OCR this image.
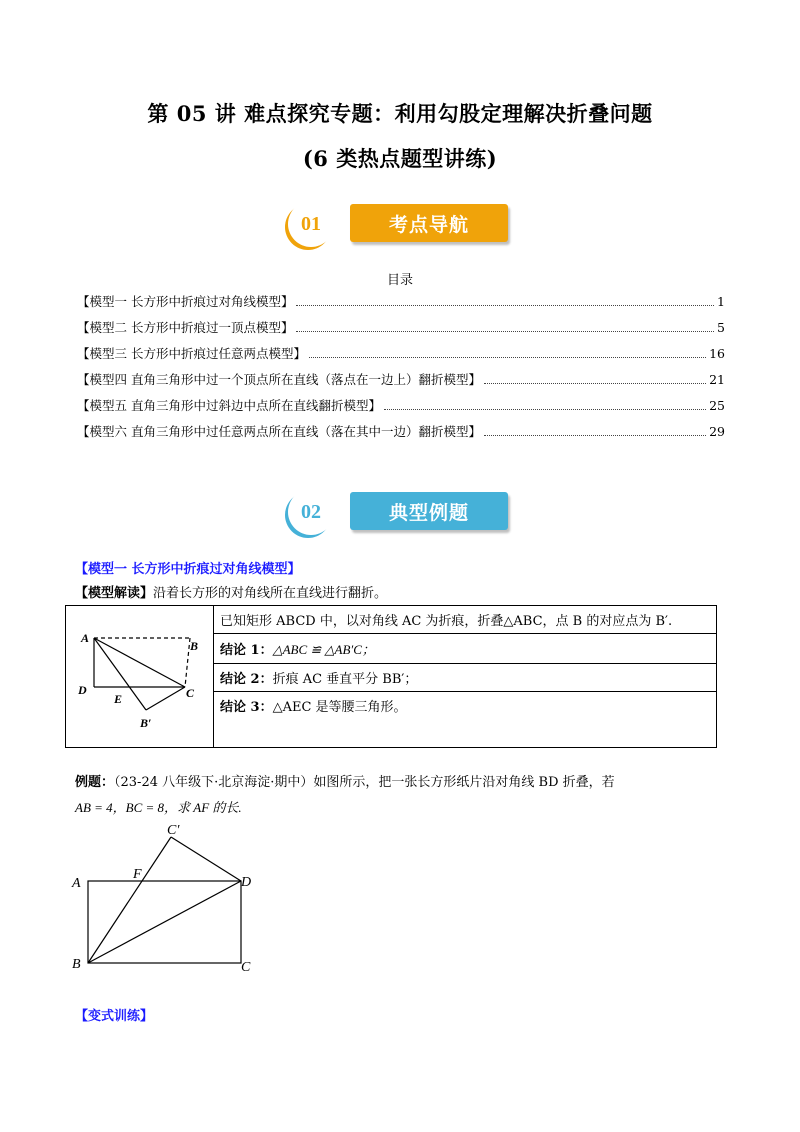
第 05 讲 难点探究专题：利用勾股定理解决折叠问题
(6 类热点题型讲练)
01	考点导航
目录
【模型一 长方形中折痕过对角线模型】	1
【模型二 长方形中折痕过一顶点模型】	5
【模型三 长方形中折痕过任意两点模型】	16
【模型四 直角三角形中过一个顶点所在直线（落点在一边上）翻折模型】	21
【模型五 直角三角形中过斜边中点所在直线翻折模型】	25
【模型六 直角三角形中过任意两点所在直线（落在其中一边）翻折模型】	29
02	典型例题
【模型一 长方形中折痕过对角线模型】
【模型解读】沿着长方形的对角线所在直线进行翻折。
A
B
C
D
E
B′
	已知矩形 ABCD 中，以对角线 AC 为折痕，折叠△ABC，点 B 的对应点为 B′.
结论 1：△ABC ≌ △AB′C；
结论 2：折痕 AC 垂直平分 BB′；
结论 3：△AEC 是等腰三角形。
例题：（23-24 八年级下·北京海淀·期中）如图所示，把一张长方形纸片沿对角线 BD 折叠，若
AB = 4，BC = 8，求 AF 的长.
A
B	C
D
F
C′
【变式训练】
